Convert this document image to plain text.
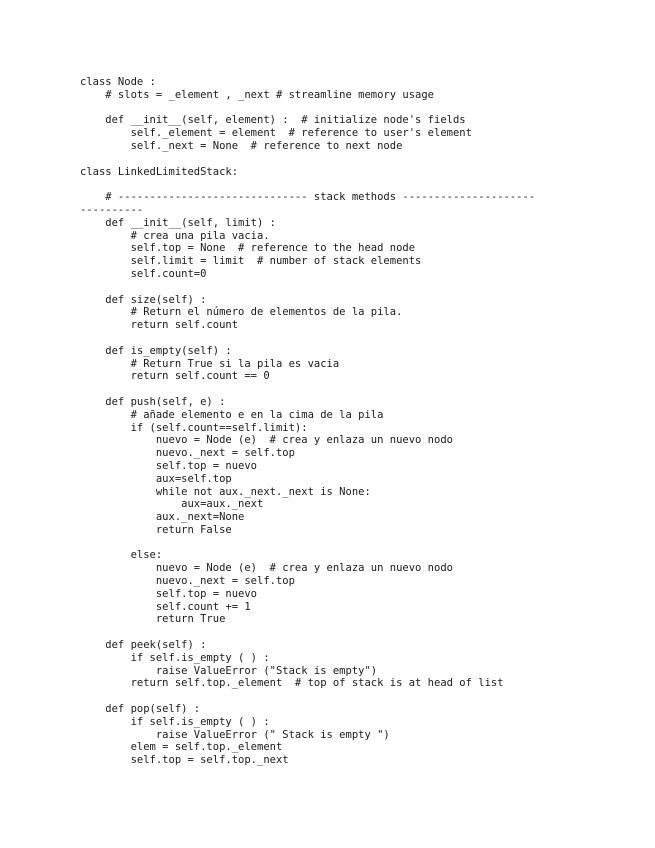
class Node :
# slots = _element , _next # streamline memory usage
def __init__(self, element) :  # initialize node's fields
self._element = element  # reference to user's element
self._next = None  # reference to next node
class LinkedLimitedStack:
# ------------------------------ stack methods ---------------------
----------
def __init__(self, limit) :
# crea una pila vacia.
self.top = None  # reference to the head node
self.limit = limit  # number of stack elements
self.count=0
def size(self) :
# Return el número de elementos de la pila.
return self.count
def is_empty(self) :
# Return True si la pila es vacia
return self.count == 0
def push(self, e) :
# añade elemento e en la cima de la pila
if (self.count==self.limit):
nuevo = Node (e)  # crea y enlaza un nuevo nodo
nuevo._next = self.top
self.top = nuevo
aux=self.top
while not aux._next._next is None:
aux=aux._next
aux._next=None
return False
else:
nuevo = Node (e)  # crea y enlaza un nuevo nodo
nuevo._next = self.top
self.top = nuevo
self.count += 1
return True
def peek(self) :
if self.is_empty ( ) :
raise ValueError ("Stack is empty")
return self.top._element  # top of stack is at head of list
def pop(self) :
if self.is_empty ( ) :
raise ValueError (" Stack is empty ")
elem = self.top._element
self.top = self.top._next
